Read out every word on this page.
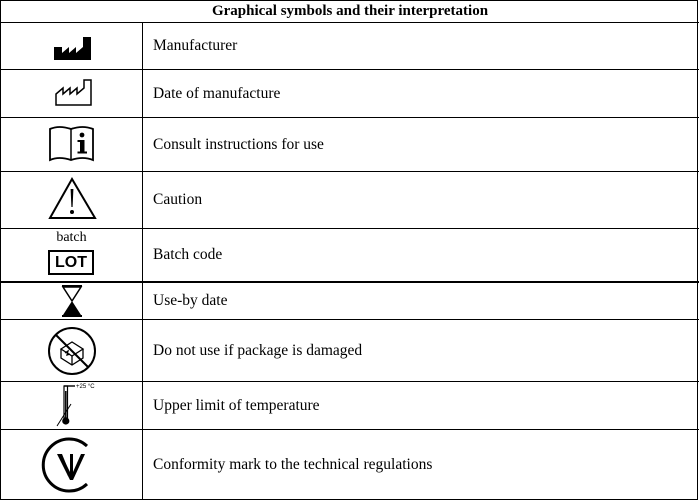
Graphical symbols and their interpretation
Manufacturer
Date of manufacture
Consult instructions for use
Caution
batch
LOT	Batch code
Use-by date
Do not use if package is damaged
+25 °C
Upper limit of temperature
Conformity mark to the technical regulations
